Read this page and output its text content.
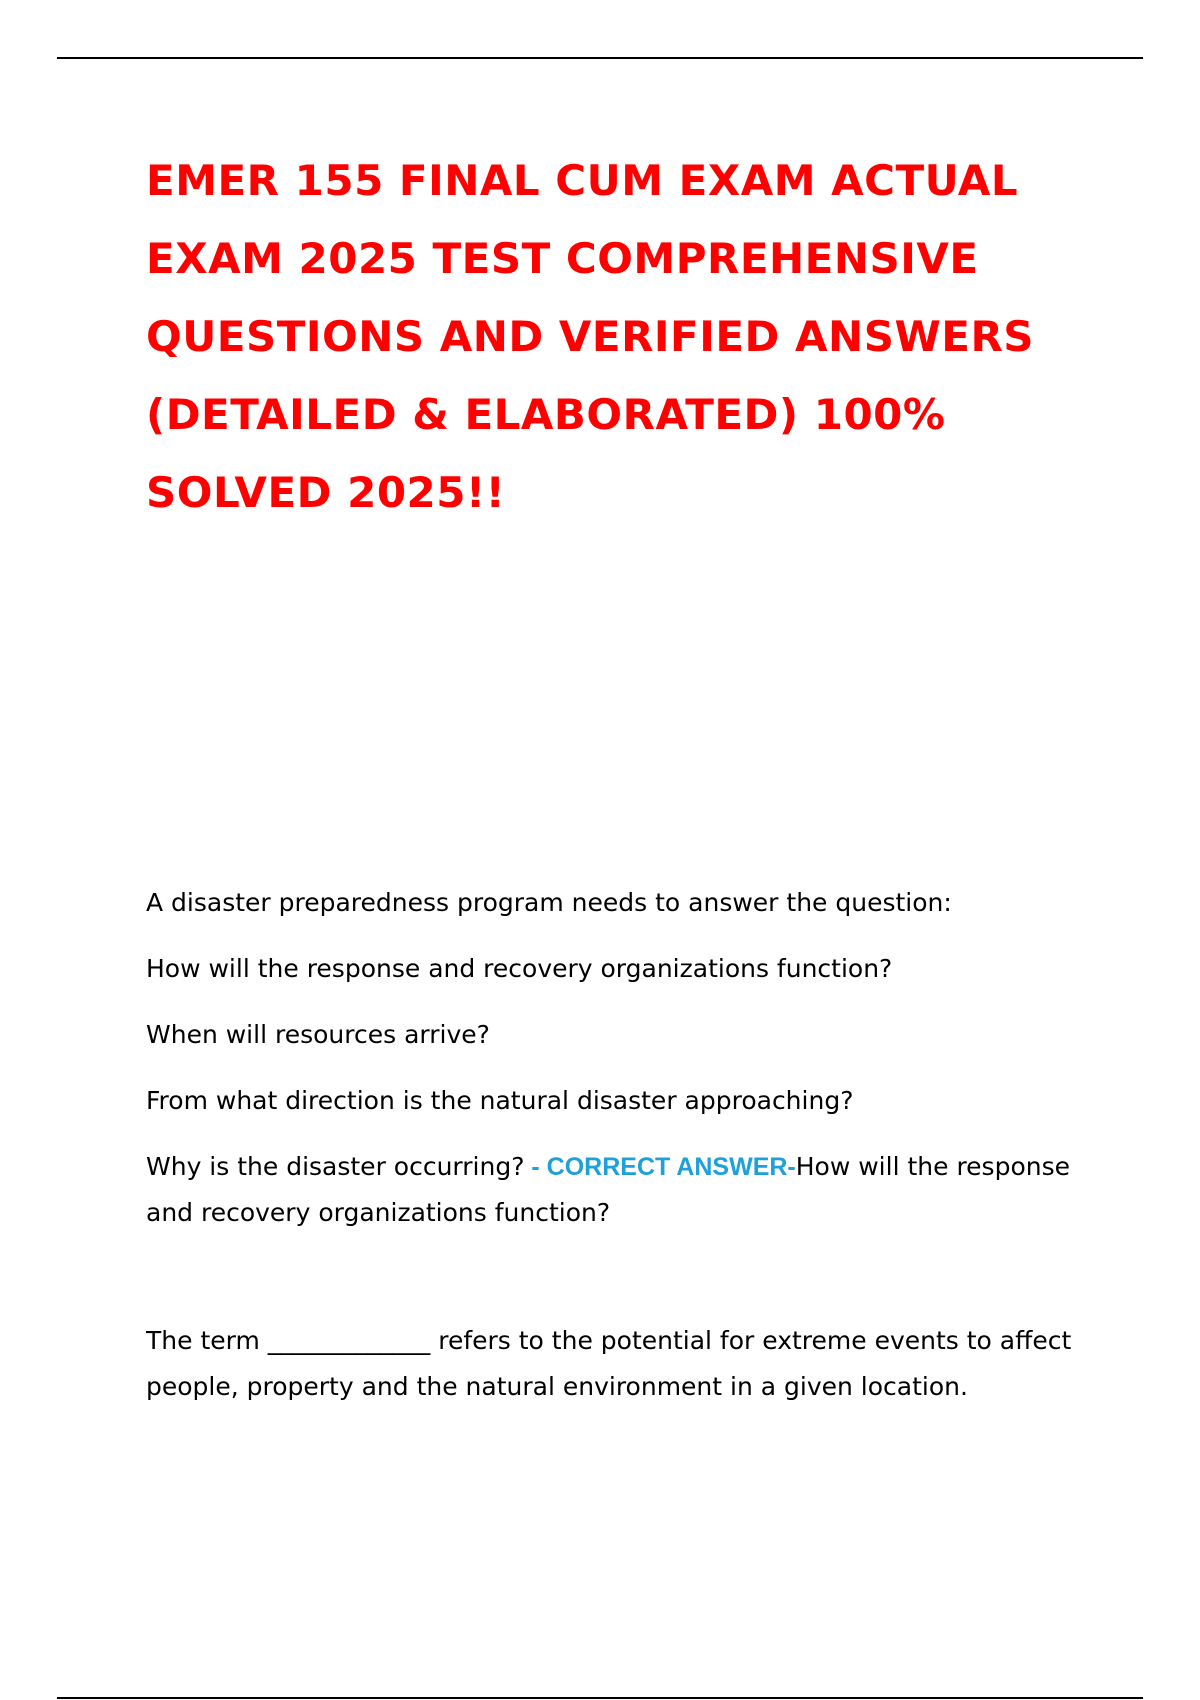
EMER 155 FINAL CUM EXAM ACTUAL EXAM 2025 TEST COMPREHENSIVE QUESTIONS AND VERIFIED ANSWERS (DETAILED & ELABORATED) 100% SOLVED 2025!!
A disaster preparedness program needs to answer the question:
How will the response and recovery organizations function?
When will resources arrive?
From what direction is the natural disaster approaching?
Why is the disaster occurring? - CORRECT ANSWER-How will the response and recovery organizations function?
The term _____________ refers to the potential for extreme events to affect people, property and the natural environment in a given location.
